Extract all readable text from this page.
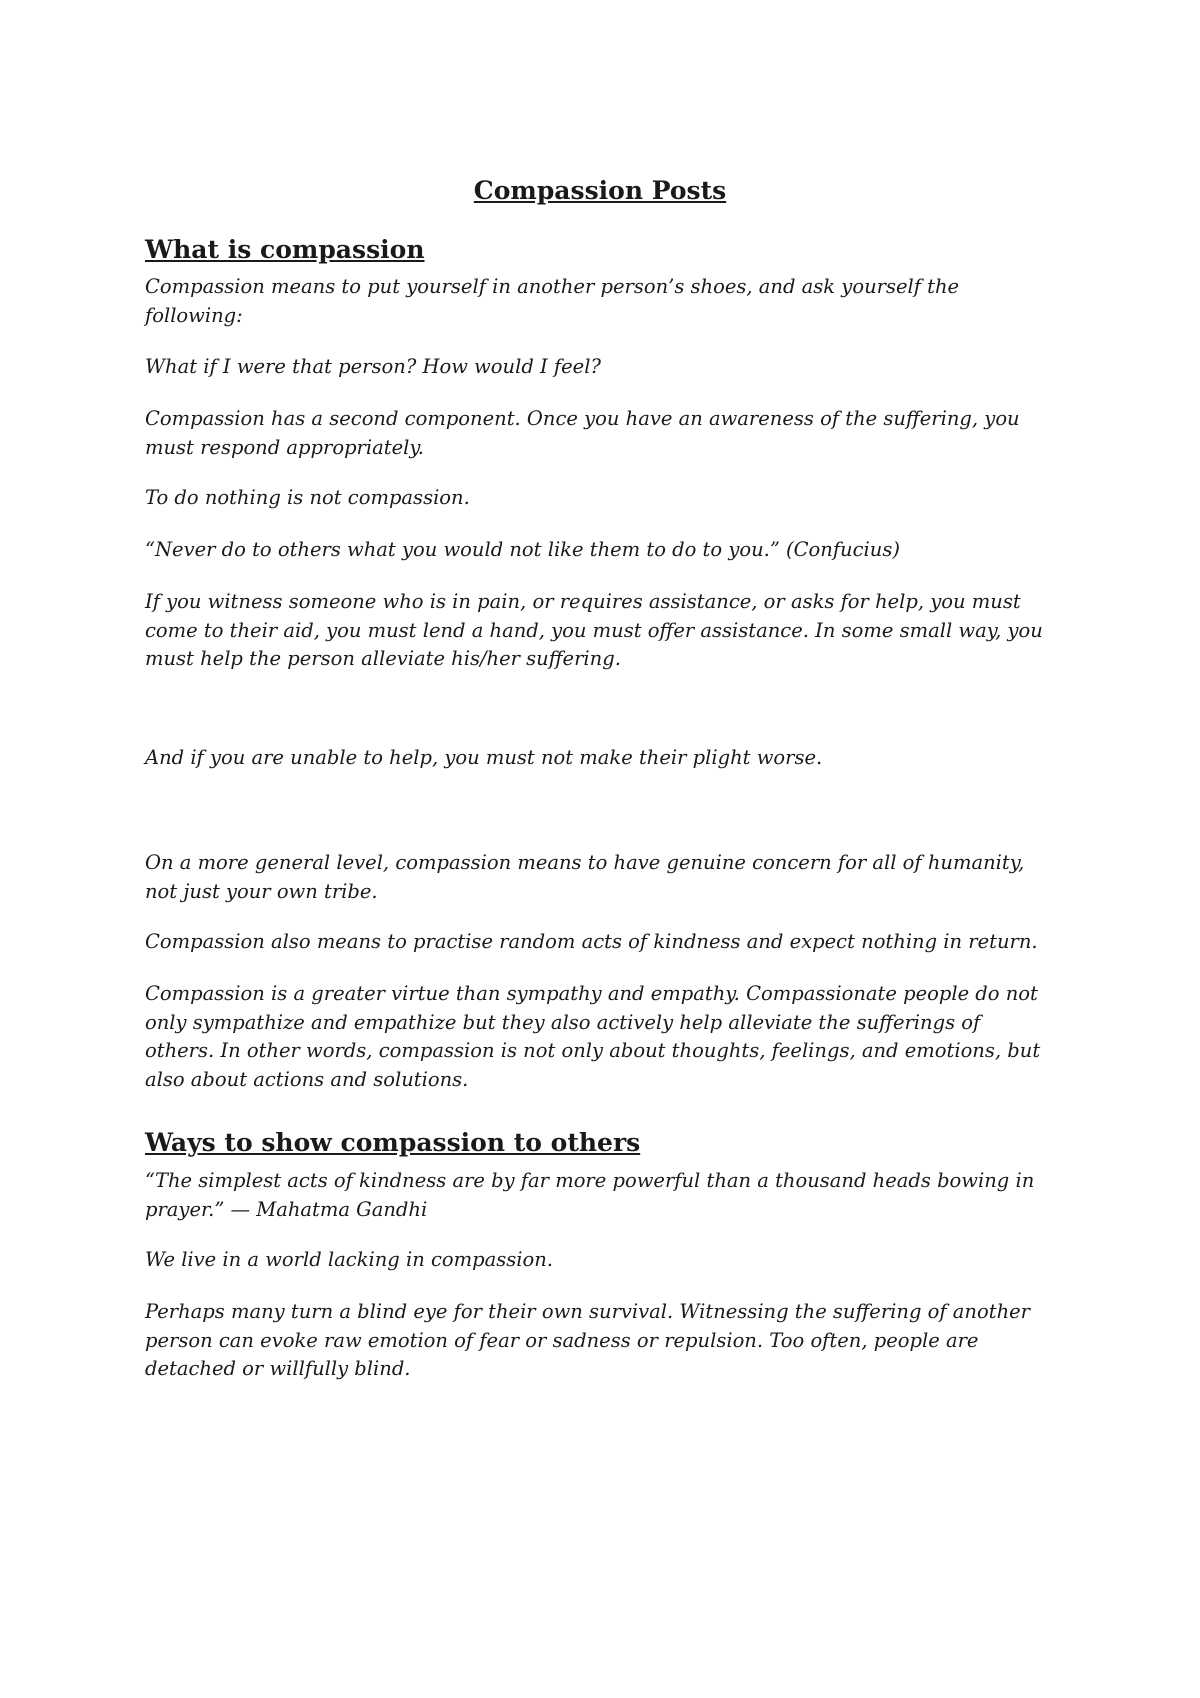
Compassion Posts
What is compassion

Compassion means to put yourself in another person’s shoes, and ask yourself the
following:

What if I were that person? How would I feel?

Compassion has a second component. Once you have an awareness of the suffering, you
must respond appropriately.

To do nothing is not compassion.

“Never do to others what you would not like them to do to you.” (Confucius)

If you witness someone who is in pain, or requires assistance, or asks for help, you must
come to their aid, you must lend a hand, you must offer assistance. In some small way, you
must help the person alleviate his/her suffering.

And if you are unable to help, you must not make their plight worse.

On a more general level, compassion means to have genuine concern for all of humanity,
not just your own tribe.

Compassion also means to practise random acts of kindness and expect nothing in return.

Compassion is a greater virtue than sympathy and empathy. Compassionate people do not
only sympathize and empathize but they also actively help alleviate the sufferings of
others. In other words, compassion is not only about thoughts, feelings, and emotions, but
also about actions and solutions.

Ways to show compassion to others

“The simplest acts of kindness are by far more powerful than a thousand heads bowing in
prayer.” — Mahatma Gandhi

We live in a world lacking in compassion.

Perhaps many turn a blind eye for their own survival. Witnessing the suffering of another
person can evoke raw emotion of fear or sadness or repulsion. Too often, people are
detached or willfully blind.
